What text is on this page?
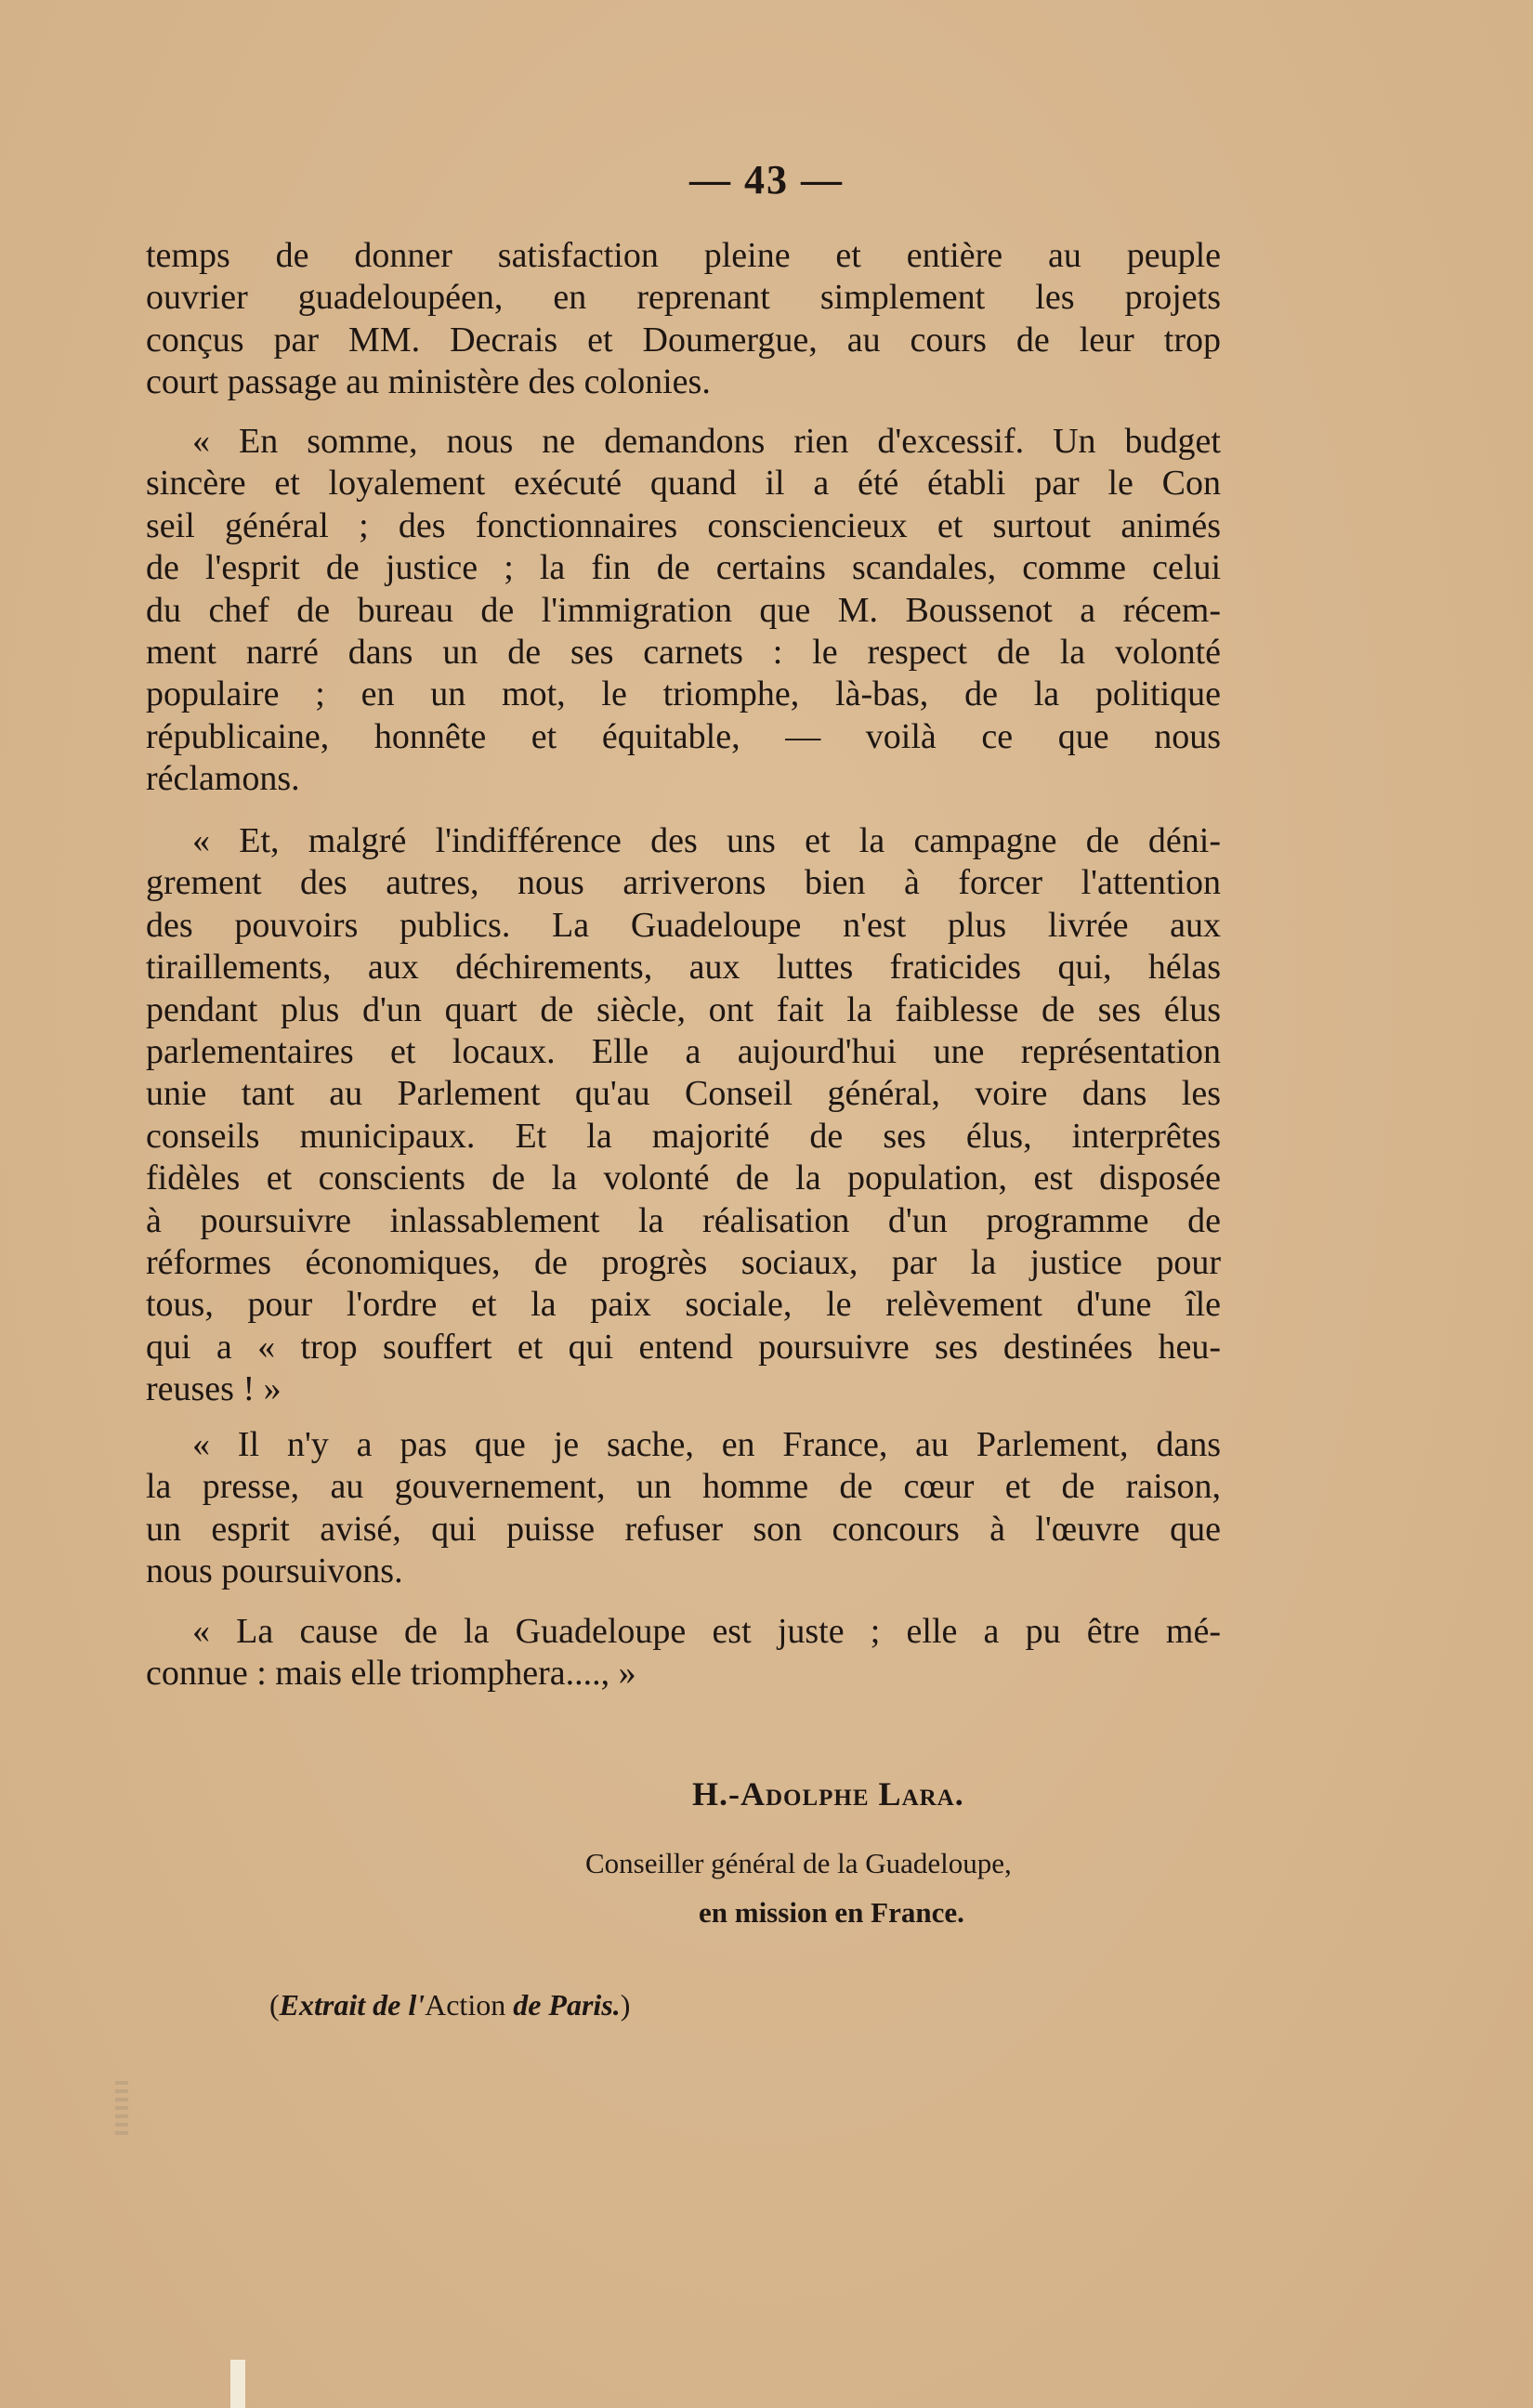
— 43 —
temps de donner satisfaction pleine et entière au peuple
ouvrier guadeloupéen, en reprenant simplement les projets
conçus par MM. Decrais et Doumergue, au cours de leur trop
court passage au ministère des colonies.
« En somme, nous ne demandons rien d'excessif. Un budget
sincère et loyalement exécuté quand il a été établi par le Con
seil général ; des fonctionnaires consciencieux et surtout animés
de l'esprit de justice ; la fin de certains scandales, comme celui
du chef de bureau de l'immigration que M. Boussenot a récem-
ment narré dans un de ses carnets : le respect de la volonté
populaire ; en un mot, le triomphe, là-bas, de la politique
républicaine, honnête et équitable, — voilà ce que nous
réclamons.
« Et, malgré l'indifférence des uns et la campagne de déni-
grement des autres, nous arriverons bien à forcer l'attention
des pouvoirs publics. La Guadeloupe n'est plus livrée aux
tiraillements, aux déchirements, aux luttes fraticides qui, hélas
pendant plus d'un quart de siècle, ont fait la faiblesse de ses élus
parlementaires et locaux. Elle a aujourd'hui une représentation
unie tant au Parlement qu'au Conseil général, voire dans les
conseils municipaux. Et la majorité de ses élus, interprêtes
fidèles et conscients de la volonté de la population, est disposée
à poursuivre inlassablement la réalisation d'un programme de
réformes économiques, de progrès sociaux, par la justice pour
tous, pour l'ordre et la paix sociale, le relèvement d'une île
qui a « trop souffert et qui entend poursuivre ses destinées heu-
reuses ! »
« Il n'y a pas que je sache, en France, au Parlement, dans
la presse, au gouvernement, un homme de cœur et de raison,
un esprit avisé, qui puisse refuser son concours à l'œuvre que
nous poursuivons.
« La cause de la Guadeloupe est juste ; elle a pu être mé-
connue : mais elle triomphera...., »
H.-Adolphe Lara.
Conseiller général de la Guadeloupe,
en mission en France.
(Extrait de l'Action de Paris.)
